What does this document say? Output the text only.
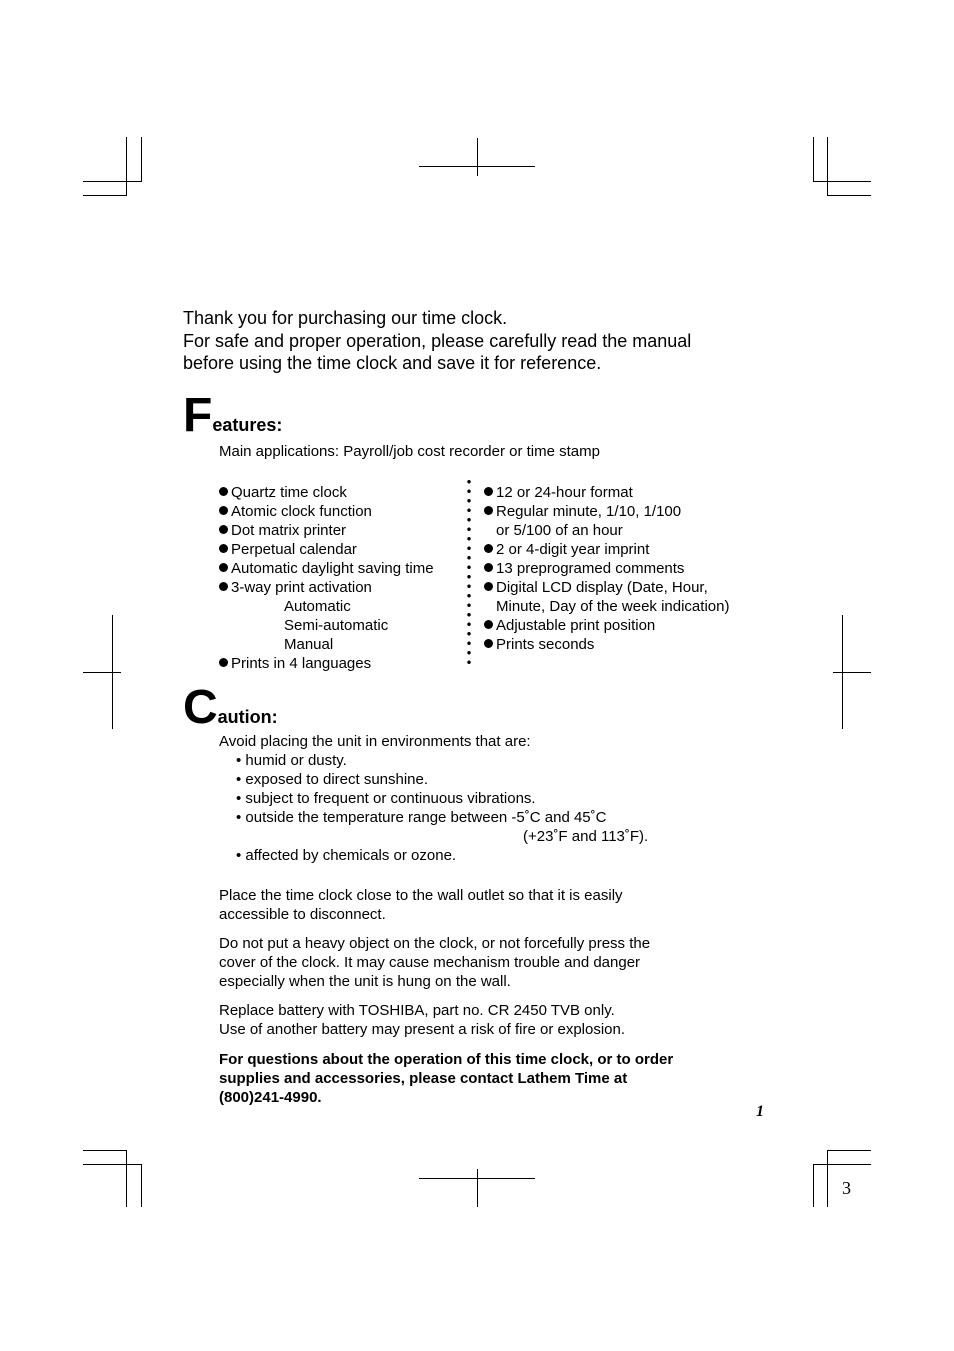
Thank you for purchasing our time clock.
For safe and proper operation, please carefully read the manual
before using the time clock and save it for reference.
Features:
Main applications: Payroll/job cost recorder or time stamp
Quartz time clock
Atomic clock function
Dot matrix printer
Perpetual calendar
Automatic daylight saving time
3-way print activation
Automatic
Semi-automatic
Manual
Prints in 4 languages
12 or 24-hour format
Regular minute, 1/10, 1/100
or 5/100 of an hour
2 or 4-digit year imprint
13 preprogramed comments
Digital LCD display (Date, Hour,
Minute, Day of the week indication)
Adjustable print position
Prints seconds
Caution:
Avoid placing the unit in environments that are:
• humid or dusty.
• exposed to direct sunshine.
• subject to frequent or continuous vibrations.
• outside the temperature range between -5˚C and 45˚C
(+23˚F and 113˚F).
• affected by chemicals or ozone.
Place the time clock close to the wall outlet so that it is easily
accessible to disconnect.
Do not put a heavy object on the clock, or not forcefully press the
cover of the clock. It may cause mechanism trouble and danger
especially when the unit is hung on the wall.
Replace battery with TOSHIBA, part no. CR 2450 TVB only.
Use of another battery may present a risk of fire or explosion.
For questions about the operation of this time clock, or to order
supplies and accessories, please contact Lathem Time at
(800)241-4990.
1
3
